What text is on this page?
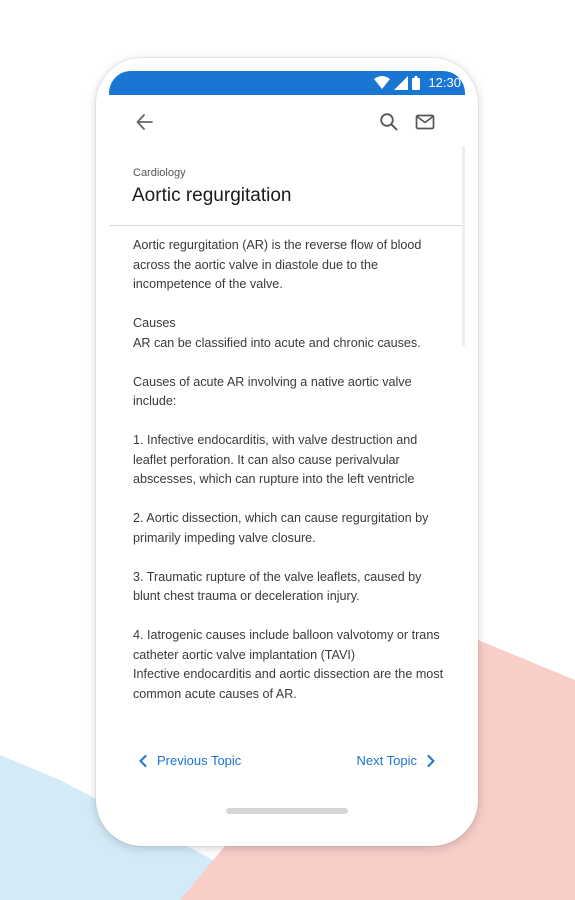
12:30
Cardiology
Aortic regurgitation

Aortic regurgitation (AR) is the reverse flow of blood across the aortic valve in diastole due to the incompetence of the valve.

Causes
AR can be classified into acute and chronic causes.

Causes of acute AR involving a native aortic valve include:

1. Infective endocarditis, with valve destruction and leaflet perforation. It can also cause perivalvular abscesses, which can rupture into the left ventricle

2. Aortic dissection, which can cause regurgitation by primarily impeding valve closure.

3. Traumatic rupture of the valve leaflets, caused by blunt chest trauma or deceleration injury.

4. Iatrogenic causes include balloon valvotomy or trans catheter aortic valve implantation (TAVI)
Infective endocarditis and aortic dissection are the most common acute causes of AR.

Previous Topic	Next Topic
